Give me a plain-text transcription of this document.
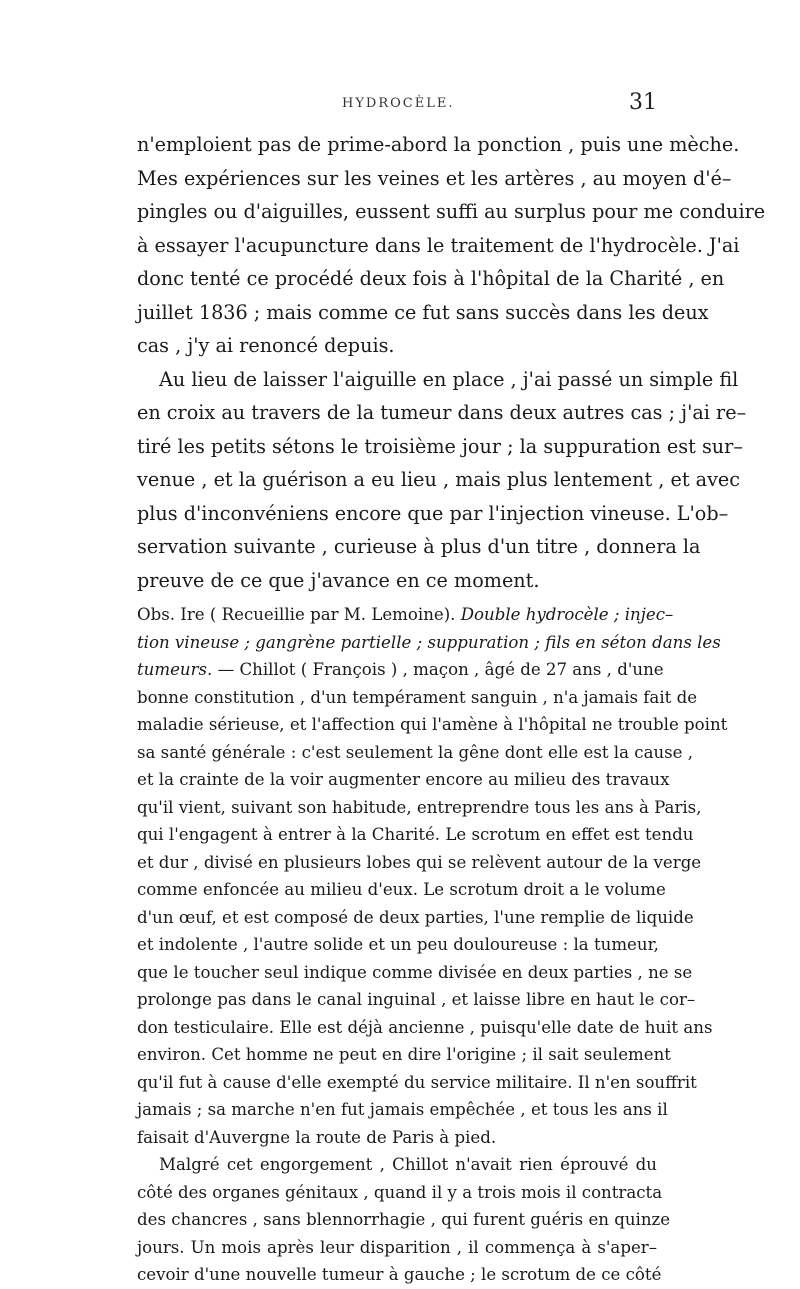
HYDROCÈLE.	31
n'emploient pas de prime-abord la ponction , puis une mèche.
Mes expériences sur les veines et les artères , au moyen d'é–
pingles ou d'aiguilles, eussent suffi au surplus pour me conduire
à essayer l'acupuncture dans le traitement de l'hydrocèle. J'ai
donc tenté ce procédé deux fois à l'hôpital de la Charité , en
juillet 1836 ; mais comme ce fut sans succès dans les deux
cas , j'y ai renoncé depuis.
Au lieu de laisser l'aiguille en place , j'ai passé un simple fil
en croix au travers de la tumeur dans deux autres cas ; j'ai re–
tiré les petits sétons le troisième jour ; la suppuration est sur–
venue , et la guérison a eu lieu , mais plus lentement , et avec
plus d'inconvéniens encore que par l'injection vineuse. L'ob–
servation suivante , curieuse à plus d'un titre , donnera la
preuve de ce que j'avance en ce moment.
Obs. Ire ( Recueillie par M. Lemoine). Double hydrocèle ; injec–
tion vineuse ; gangrène partielle ; suppuration ; fils en séton dans les
tumeurs. — Chillot ( François ) , maçon , âgé de 27 ans , d'une
bonne constitution , d'un tempérament sanguin , n'a jamais fait de
maladie sérieuse, et l'affection qui l'amène à l'hôpital ne trouble point
sa santé générale : c'est seulement la gêne dont elle est la cause ,
et la crainte de la voir augmenter encore au milieu des travaux
qu'il vient, suivant son habitude, entreprendre tous les ans à Paris,
qui l'engagent à entrer à la Charité. Le scrotum en effet est tendu
et dur , divisé en plusieurs lobes qui se relèvent autour de la verge
comme enfoncée au milieu d'eux. Le scrotum droit a le volume
d'un œuf, et est composé de deux parties, l'une remplie de liquide
et indolente , l'autre solide et un peu douloureuse : la tumeur,
que le toucher seul indique comme divisée en deux parties , ne se
prolonge pas dans le canal inguinal , et laisse libre en haut le cor–
don testiculaire. Elle est déjà ancienne , puisqu'elle date de huit ans
environ. Cet homme ne peut en dire l'origine ; il sait seulement
qu'il fut à cause d'elle exempté du service militaire. Il n'en souffrit
jamais ; sa marche n'en fut jamais empêchée , et tous les ans il
faisait d'Auvergne la route de Paris à pied.
Malgré cet engorgement , Chillot n'avait rien éprouvé du
côté des organes génitaux , quand il y a trois mois il contracta
des chancres , sans blennorrhagie , qui furent guéris en quinze
jours. Un mois après leur disparition , il commença à s'aper–
cevoir d'une nouvelle tumeur à gauche ; le scrotum de ce côté
